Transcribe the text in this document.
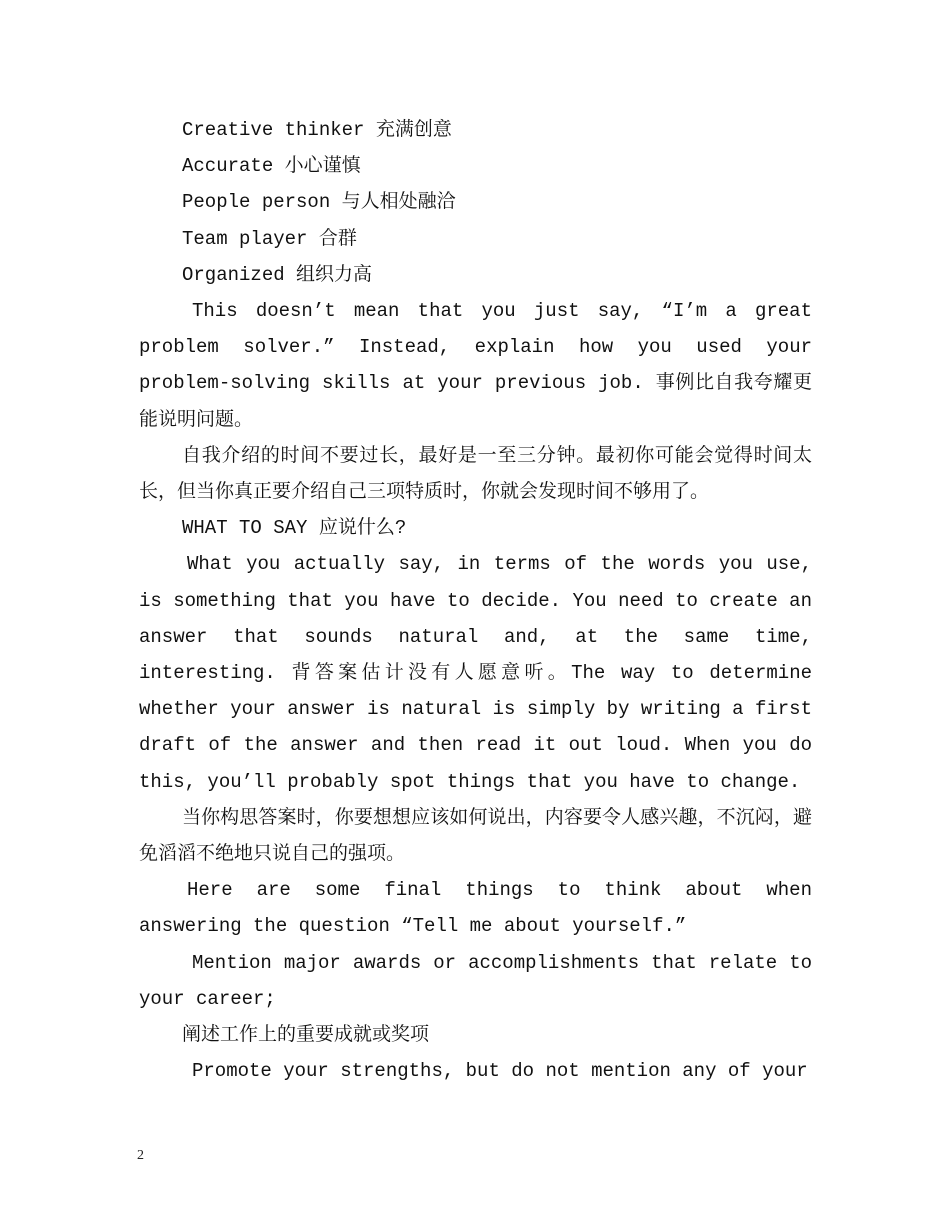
Creative thinker 充满创意
Accurate 小心谨慎
People person 与人相处融洽
Team player 合群
Organized 组织力高

This doesn’t mean that you just say, “I’m a great problem solver.” Instead, explain how you used your problem-solving skills at your previous job. 事例比自我夸耀更能说明问题。

自我介绍的时间不要过长，最好是一至三分钟。最初你可能会觉得时间太长，但当你真正要介绍自己三项特质时，你就会发现时间不够用了。

WHAT TO SAY 应说什么?

What you actually say, in terms of the words you use, is something that you have to decide. You need to create an answer that sounds natural and, at the same time, interesting. 背答案估计没有人愿意听。The way to determine whether your answer is natural is simply by writing a first draft of the answer and then read it out loud. When you do this, you’ll probably spot things that you have to change.

当你构思答案时，你要想想应该如何说出，内容要令人感兴趣，不沉闷，避免滔滔不绝地只说自己的强项。

Here are some final things to think about when answering the question “Tell me about yourself.”

Mention major awards or accomplishments that relate to your career;

阐述工作上的重要成就或奖项

Promote your strengths, but do not mention any of your

2
